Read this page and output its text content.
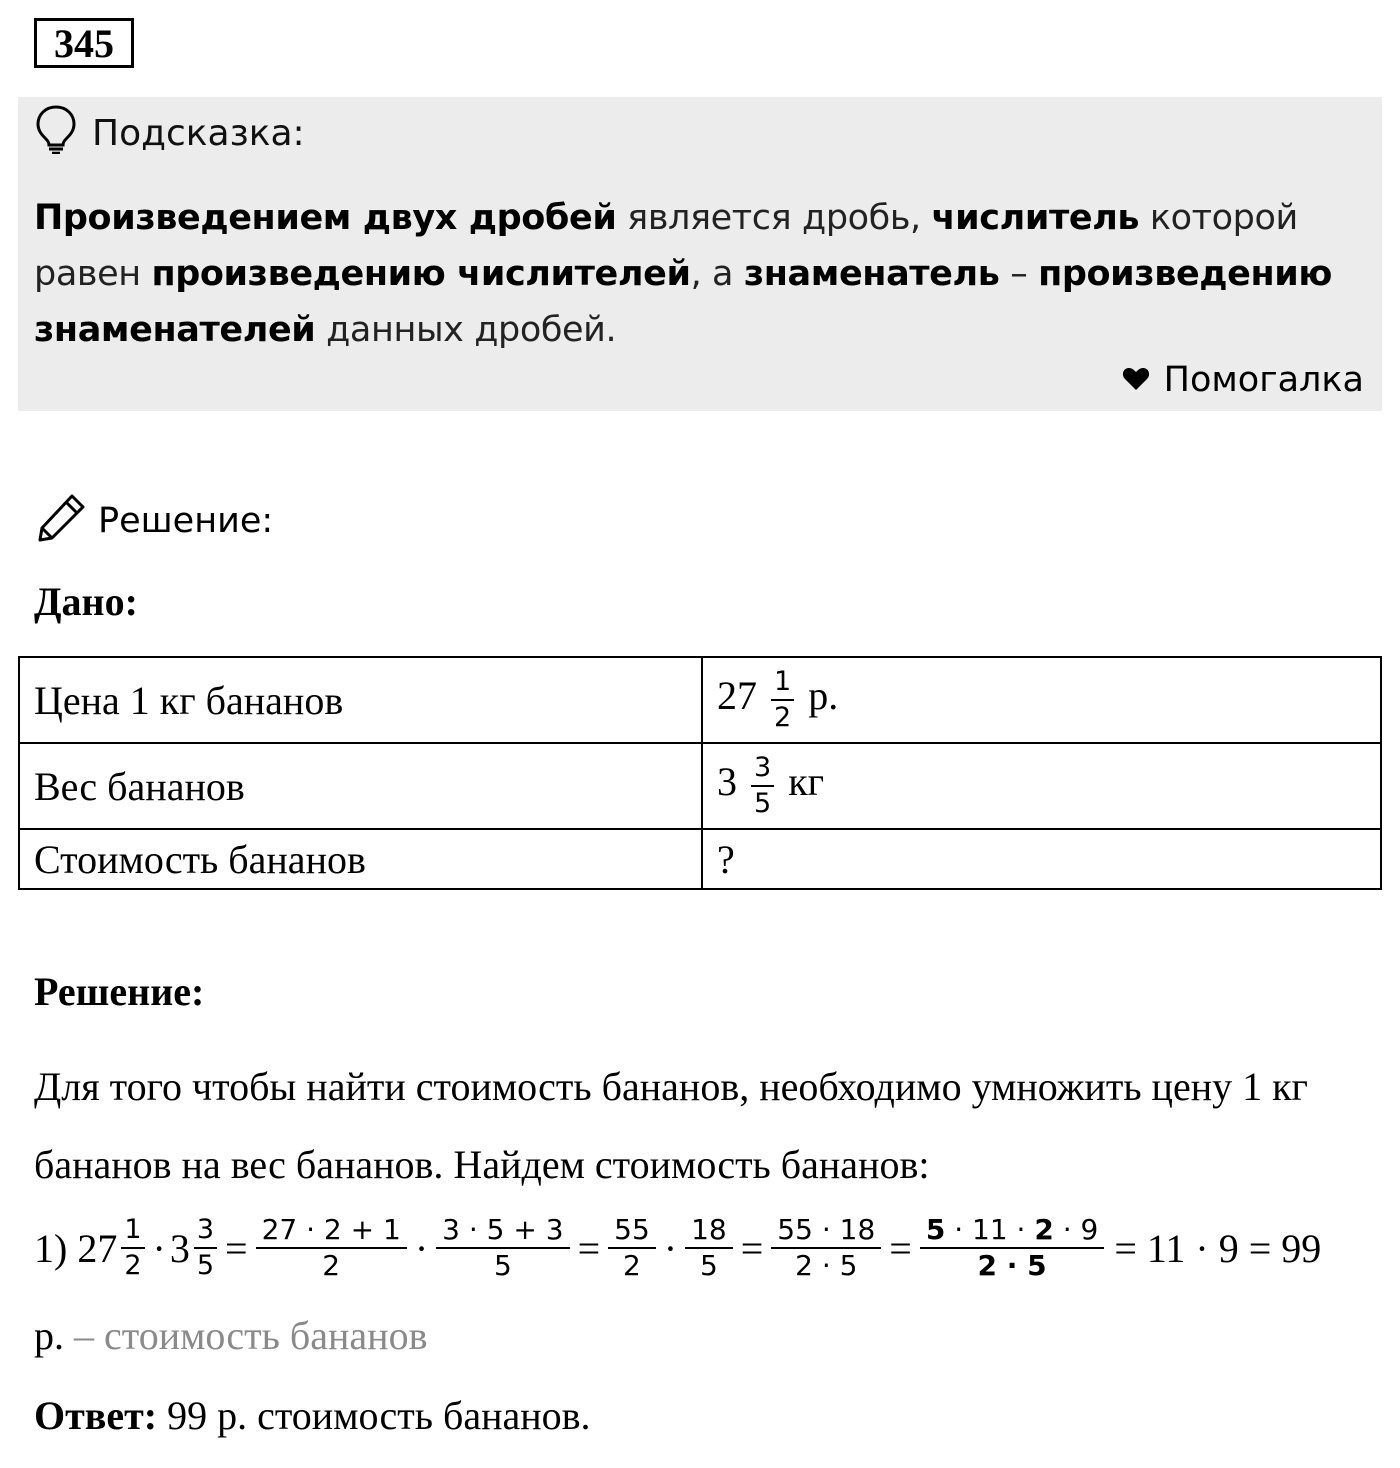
345
Подсказка:
Произведением двух дробей является дробь, числитель которой равен произведению числителей, а знаменатель – произведению знаменателей данных дробей.
Помогалка
Решение:
Дано:
Цена 1 кг бананов	$27 \frac{1}{2} р$.
Вес бананов	$3 \frac{3}{5}$ кг
Стоимость бананов	?
Решение:
Для того чтобы найти стоимость бананов, необходимо умножить цену 1 кг бананов на вес бананов. Найдем стоимость бананов:
1) $27 \frac{1}{2} \cdot 3 \frac{3}{5} = \frac{27 \cdot 2 + 1}{2} \cdot \frac{3 \cdot 5 + 3}{5} = \frac{55}{2} \cdot \frac{18}{5} = \frac{55 \cdot 18}{2 \cdot 5} = \frac{5 \cdot 11 \cdot 2 \cdot 9}{2 \cdot 5} = 11 \cdot 9 = 99$
р. – стоимость бананов
Ответ: 99 р. стоимость бананов.
